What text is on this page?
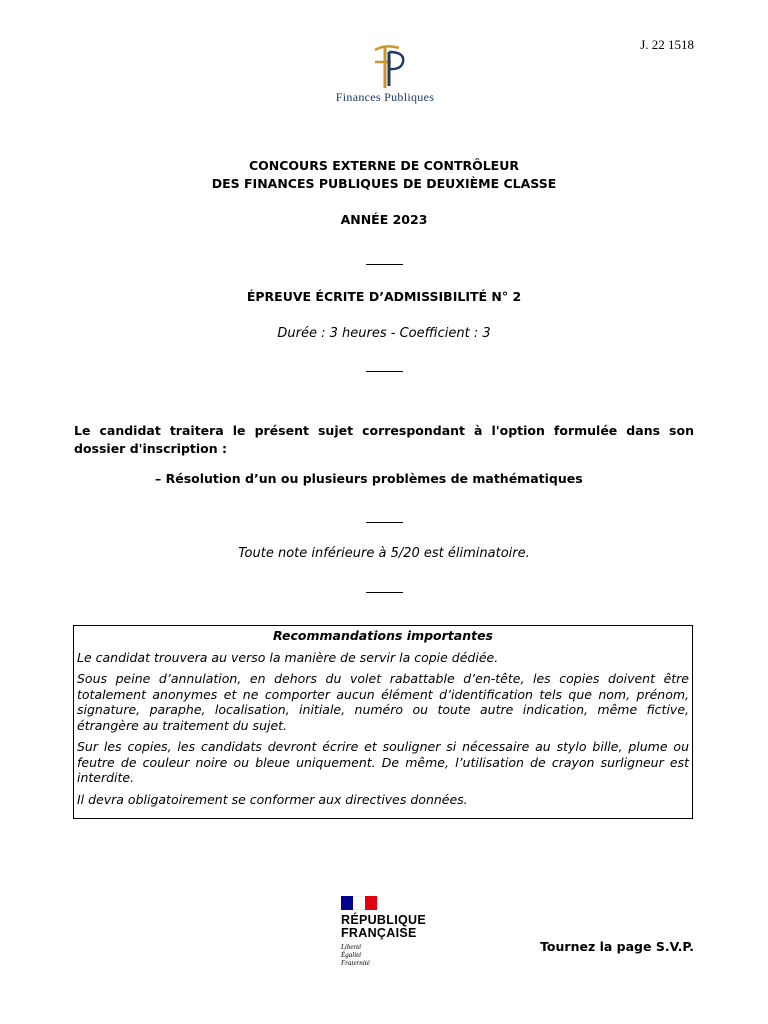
J. 22 1518
Finances Publiques
CONCOURS EXTERNE DE CONTRÔLEUR
DES FINANCES PUBLIQUES DE DEUXIÈME CLASSE
ANNÉE 2023
ÉPREUVE ÉCRITE D’ADMISSIBILITÉ N° 2
Durée : 3 heures - Coefficient : 3
Le candidat traitera le présent sujet correspondant à l'option formulée dans son dossier d'inscription :
– Résolution d’un ou plusieurs problèmes de mathématiques
Toute note inférieure à 5/20 est éliminatoire.
Recommandations importantes

Le candidat trouvera au verso la manière de servir la copie dédiée.

Sous peine d’annulation, en dehors du volet rabattable d’en-tête, les copies doivent être totalement anonymes et ne comporter aucun élément d’identification tels que nom, prénom, signature, paraphe, localisation, initiale, numéro ou toute autre indication, même fictive, étrangère au traitement du sujet.

Sur les copies, les candidats devront écrire et souligner si nécessaire au stylo bille, plume ou feutre de couleur noire ou bleue uniquement. De même, l’utilisation de crayon surligneur est interdite.

Il devra obligatoirement se conformer aux directives données.

RÉPUBLIQUE
FRANÇAISE
Liberté
Égalité
Fraternité
Tournez la page S.V.P.
